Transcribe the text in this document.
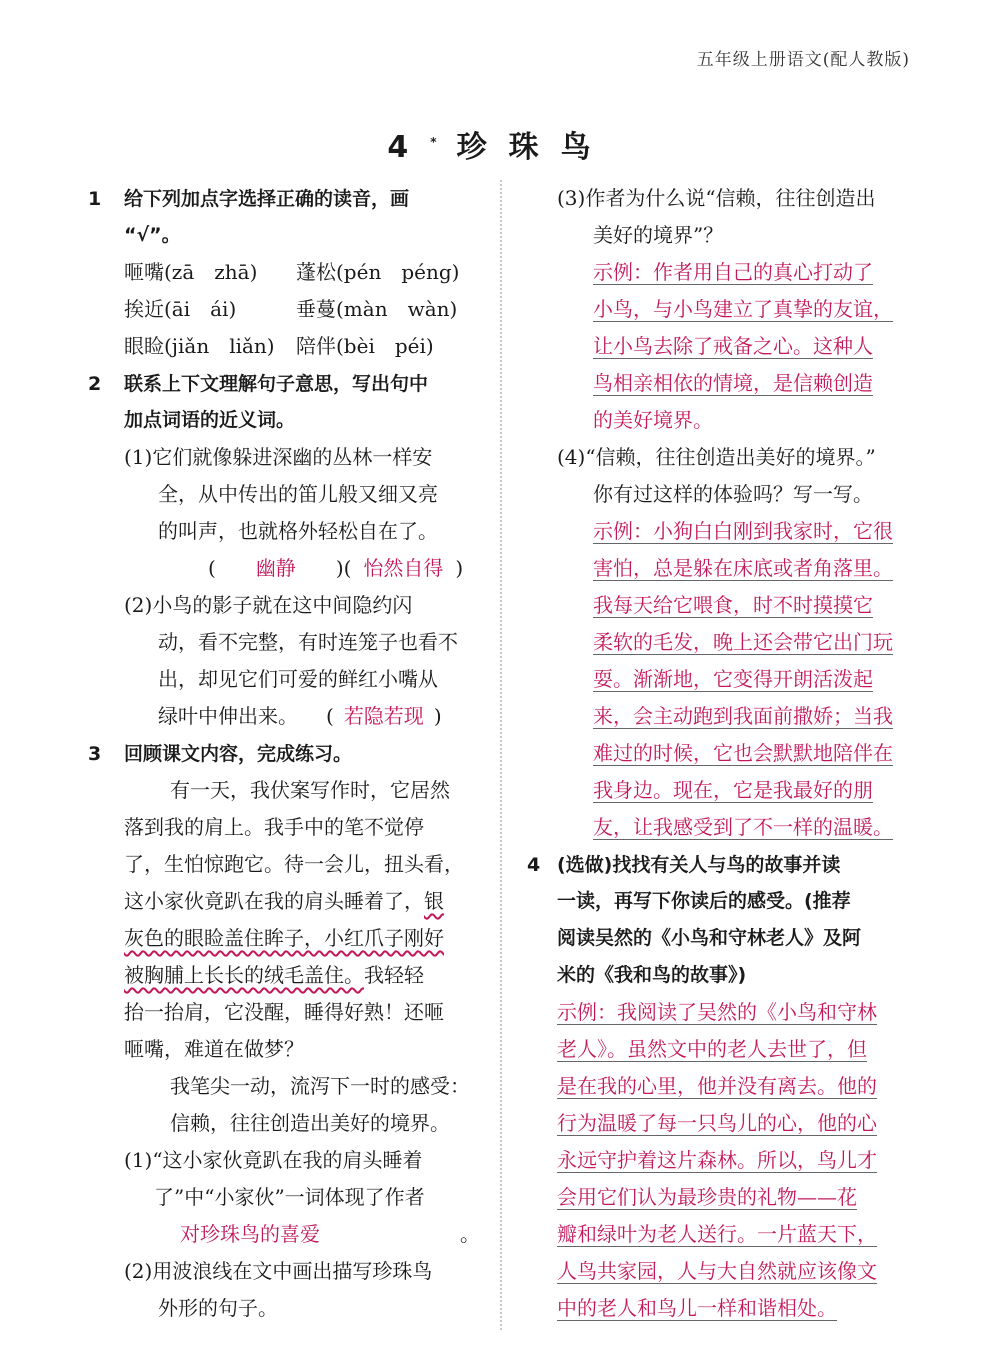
五年级上册语文(配人教版)
4* 珍珠鸟
1 给下列加点字选择正确的读音，画
“√”。
咂嘴(zā　zhā) 蓬松(pén　péng)
挨近(āi　ái)	垂蔓(màn　wàn)
眼睑(jiǎn　liǎn) 陪伴(bèi　péi)
2 联系上下文理解句子意思，写出句中
加点词语的近义词。
(1)它们就像躲进深幽的丛林一样安
全，从中传出的笛儿般又细又亮
的叫声，也就格外轻松自在了。
( 幽静 )( 怡然自得 )
(2)小鸟的影子就在这中间隐约闪
动，看不完整，有时连笼子也看不
出，却见它们可爱的鲜红小嘴从
绿叶中伸出来。 ( 若隐若现 )
3 回顾课文内容，完成练习。
有一天，我伏案写作时，它居然
落到我的肩上。我手中的笔不觉停
了，生怕惊跑它。待一会儿，扭头看，
这小家伙竟趴在我的肩头睡着了，银
灰色的眼睑盖住眸子，小红爪子刚好
被胸脯上长长的绒毛盖住。我轻轻
抬一抬肩，它没醒，睡得好熟！还咂
咂嘴，难道在做梦？
我笔尖一动，流泻下一时的感受：
信赖，往往创造出美好的境界。
(1)“这小家伙竟趴在我的肩头睡着
了”中“小家伙”一词体现了作者
对珍珠鸟的喜爱	。
(2)用波浪线在文中画出描写珍珠鸟
外形的句子。
(3)作者为什么说“信赖，往往创造出
美好的境界”？
示例：作者用自己的真心打动了
小鸟，与小鸟建立了真挚的友谊，
让小鸟去除了戒备之心。这种人
鸟相亲相依的情境，是信赖创造
的美好境界。
(4)“信赖，往往创造出美好的境界。”
你有过这样的体验吗？写一写。
示例：小狗白白刚到我家时，它很
害怕，总是躲在床底或者角落里。
我每天给它喂食，时不时摸摸它
柔软的毛发，晚上还会带它出门玩
耍。渐渐地，它变得开朗活泼起
来，会主动跑到我面前撒娇；当我
难过的时候，它也会默默地陪伴在
我身边。现在，它是我最好的朋
友，让我感受到了不一样的温暖。
4 (选做)找找有关人与鸟的故事并读
一读，再写下你读后的感受。(推荐
阅读吴然的《小鸟和守林老人》及阿
米的《我和鸟的故事》)
示例：我阅读了吴然的《小鸟和守林
老人》。虽然文中的老人去世了，但
是在我的心里，他并没有离去。他的
行为温暖了每一只鸟儿的心，他的心
永远守护着这片森林。所以，鸟儿才
会用它们认为最珍贵的礼物——花
瓣和绿叶为老人送行。一片蓝天下，
人鸟共家园，人与大自然就应该像文
中的老人和鸟儿一样和谐相处。
